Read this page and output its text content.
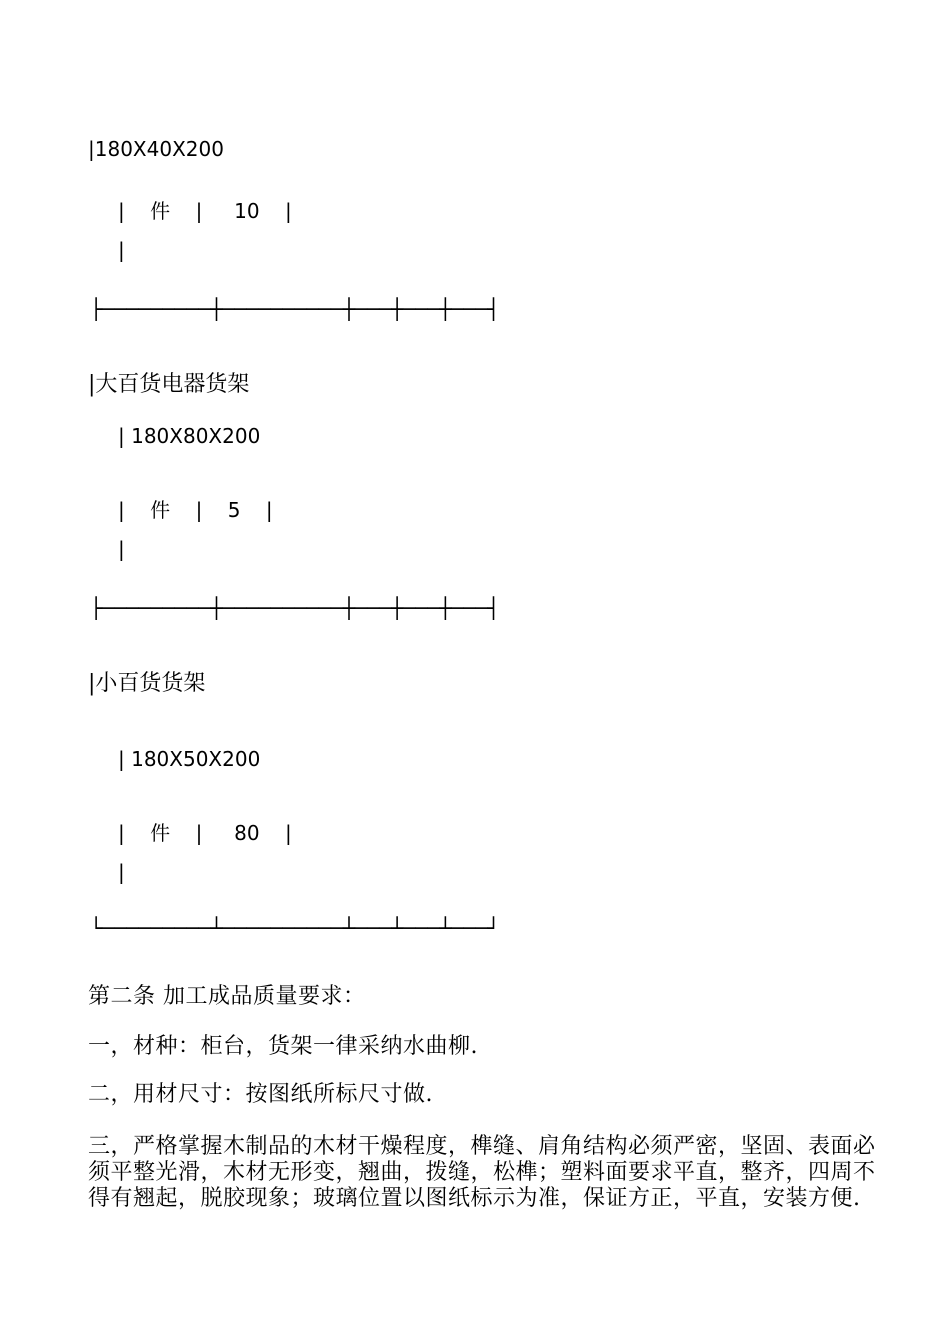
|180X40X200
|    件    |     10    |
|
├─────────┼──────────┼───┼───┼───┤
|大百货电器货架
| 180X80X200
|    件    |    5    |
|
├─────────┼──────────┼───┼───┼───┤
|小百货货架
| 180X50X200
|    件    |     80    |
|
└─────────┴──────────┴───┴───┴───┘
第二条 加工成品质量要求：
一，材种：柜台，货架一律采纳水曲柳.
二，用材尺寸：按图纸所标尺寸做.
三，严格掌握木制品的木材干燥程度，榫缝、肩角结构必须严密，坚固、表面必须平整光滑，木材无形变，翘曲，拨缝，松榫；塑料面要求平直，整齐，四周不得有翘起，脱胶现象；玻璃位置以图纸标示为准，保证方正，平直，安装方便.
